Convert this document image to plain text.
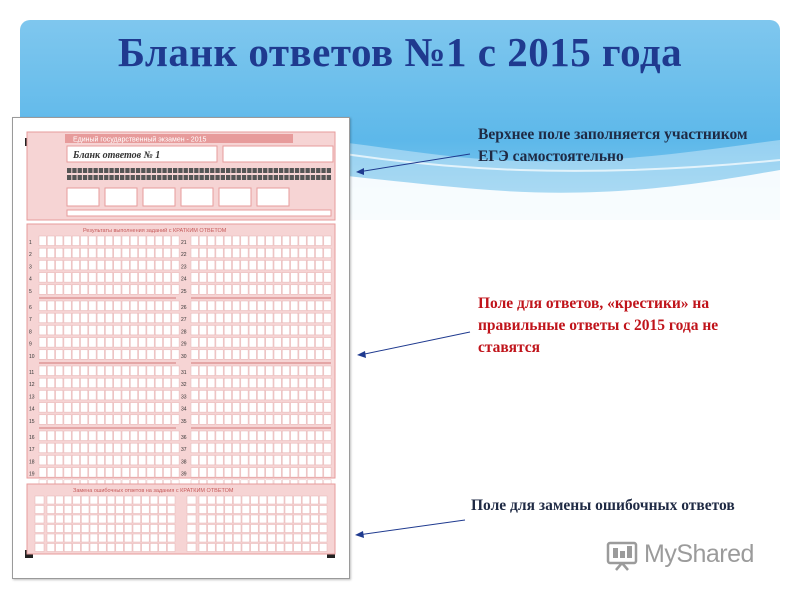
Бланк ответов №1 с 2015 года
Единый государственный экзамен - 2015
Бланк ответов № 1
Результаты выполнения заданий с КРАТКИМ ОТВЕТОМ
1
2
3
4
5
6
7
8
9
10
11
12
13
14
15
16
17
18
19
21
22
23
24
25
26
27
28
29
30
31
32
33
34
35
36
37
38
39
Замена ошибочных ответов на задания с КРАТКИМ ОТВЕТОМ
Верхнее поле заполняется участником ЕГЭ самостоятельно
Поле для ответов, «крестики» на правильные ответы с 2015 года не ставятся
Поле для замены ошибочных ответов
MyShared
